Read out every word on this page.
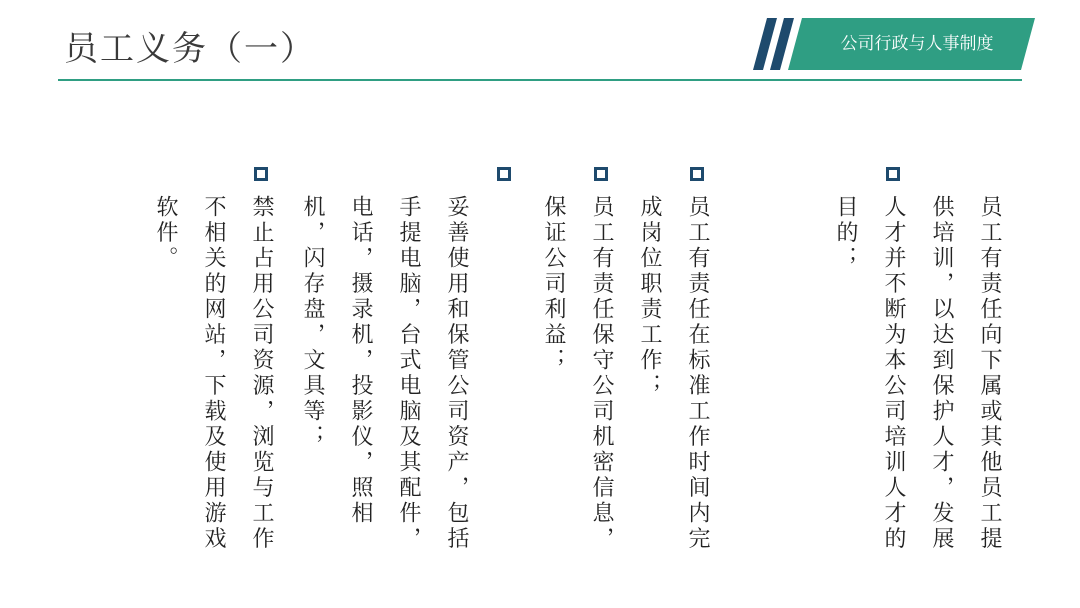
员工义务（一）	公司行政与人事制度
员工有责任向下属或其他员工提供培训，以达到保护人才，发展人才并不断为本公司培训人才的目的；
员工有责任在标准工作时间内完成岗位职责工作；
员工有责任保守公司机密信息，保证公司利益；
妥善使用和保管公司资产，包括手提电脑，台式电脑及其配件，电话，摄录机，投影仪，照相机，闪存盘，文具等；
禁止占用公司资源，浏览与工作不相关的网站，下载及使用游戏软件。
